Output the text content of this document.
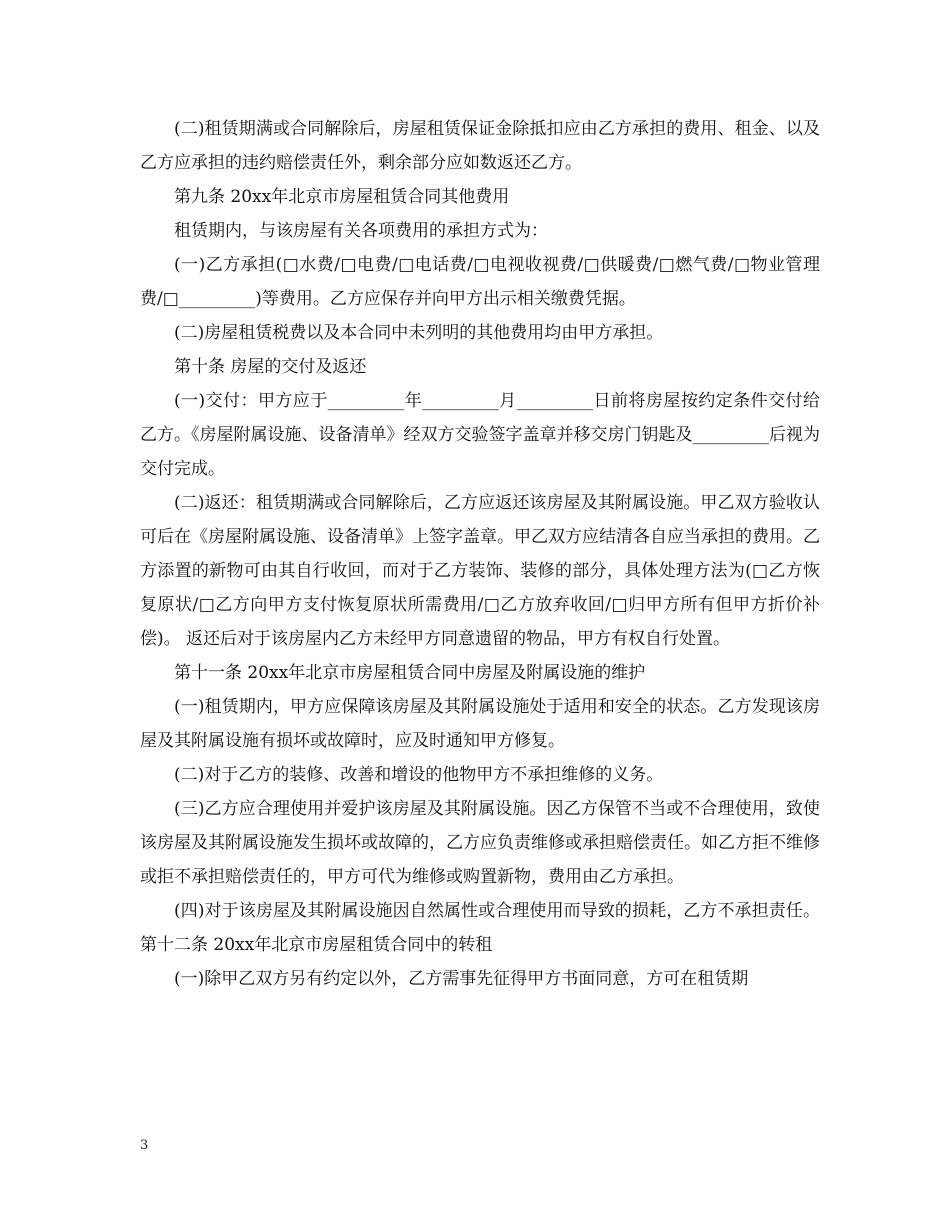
(二)租赁期满或合同解除后，房屋租赁保证金除抵扣应由乙方承担的费用、租金、以及乙方应承担的违约赔偿责任外，剩余部分应如数返还乙方。

第九条 20xx年北京市房屋租赁合同其他费用

租赁期内，与该房屋有关各项费用的承担方式为：

(一)乙方承担(□水费/□电费/□电话费/□电视收视费/□供暖费/□燃气费/□物业管理费/□_________)等费用。乙方应保存并向甲方出示相关缴费凭据。

(二)房屋租赁税费以及本合同中未列明的其他费用均由甲方承担。

第十条 房屋的交付及返还

(一)交付：甲方应于_________年_________月_________日前将房屋按约定条件交付给乙方。《房屋附属设施、设备清单》经双方交验签字盖章并移交房门钥匙及_________后视为交付完成。

(二)返还：租赁期满或合同解除后，乙方应返还该房屋及其附属设施。甲乙双方验收认可后在《房屋附属设施、设备清单》上签字盖章。甲乙双方应结清各自应当承担的费用。乙方添置的新物可由其自行收回，而对于乙方装饰、装修的部分，具体处理方法为(□乙方恢复原状/□乙方向甲方支付恢复原状所需费用/□乙方放弃收回/□归甲方所有但甲方折价补偿)。 返还后对于该房屋内乙方未经甲方同意遗留的物品，甲方有权自行处置。

第十一条 20xx年北京市房屋租赁合同中房屋及附属设施的维护

(一)租赁期内，甲方应保障该房屋及其附属设施处于适用和安全的状态。乙方发现该房屋及其附属设施有损坏或故障时，应及时通知甲方修复。

(二)对于乙方的装修、改善和增设的他物甲方不承担维修的义务。

(三)乙方应合理使用并爱护该房屋及其附属设施。因乙方保管不当或不合理使用，致使该房屋及其附属设施发生损坏或故障的，乙方应负责维修或承担赔偿责任。如乙方拒不维修或拒不承担赔偿责任的，甲方可代为维修或购置新物，费用由乙方承担。

(四)对于该房屋及其附属设施因自然属性或合理使用而导致的损耗，乙方不承担责任。 第十二条 20xx年北京市房屋租赁合同中的转租

(一)除甲乙双方另有约定以外，乙方需事先征得甲方书面同意，方可在租赁期

3
